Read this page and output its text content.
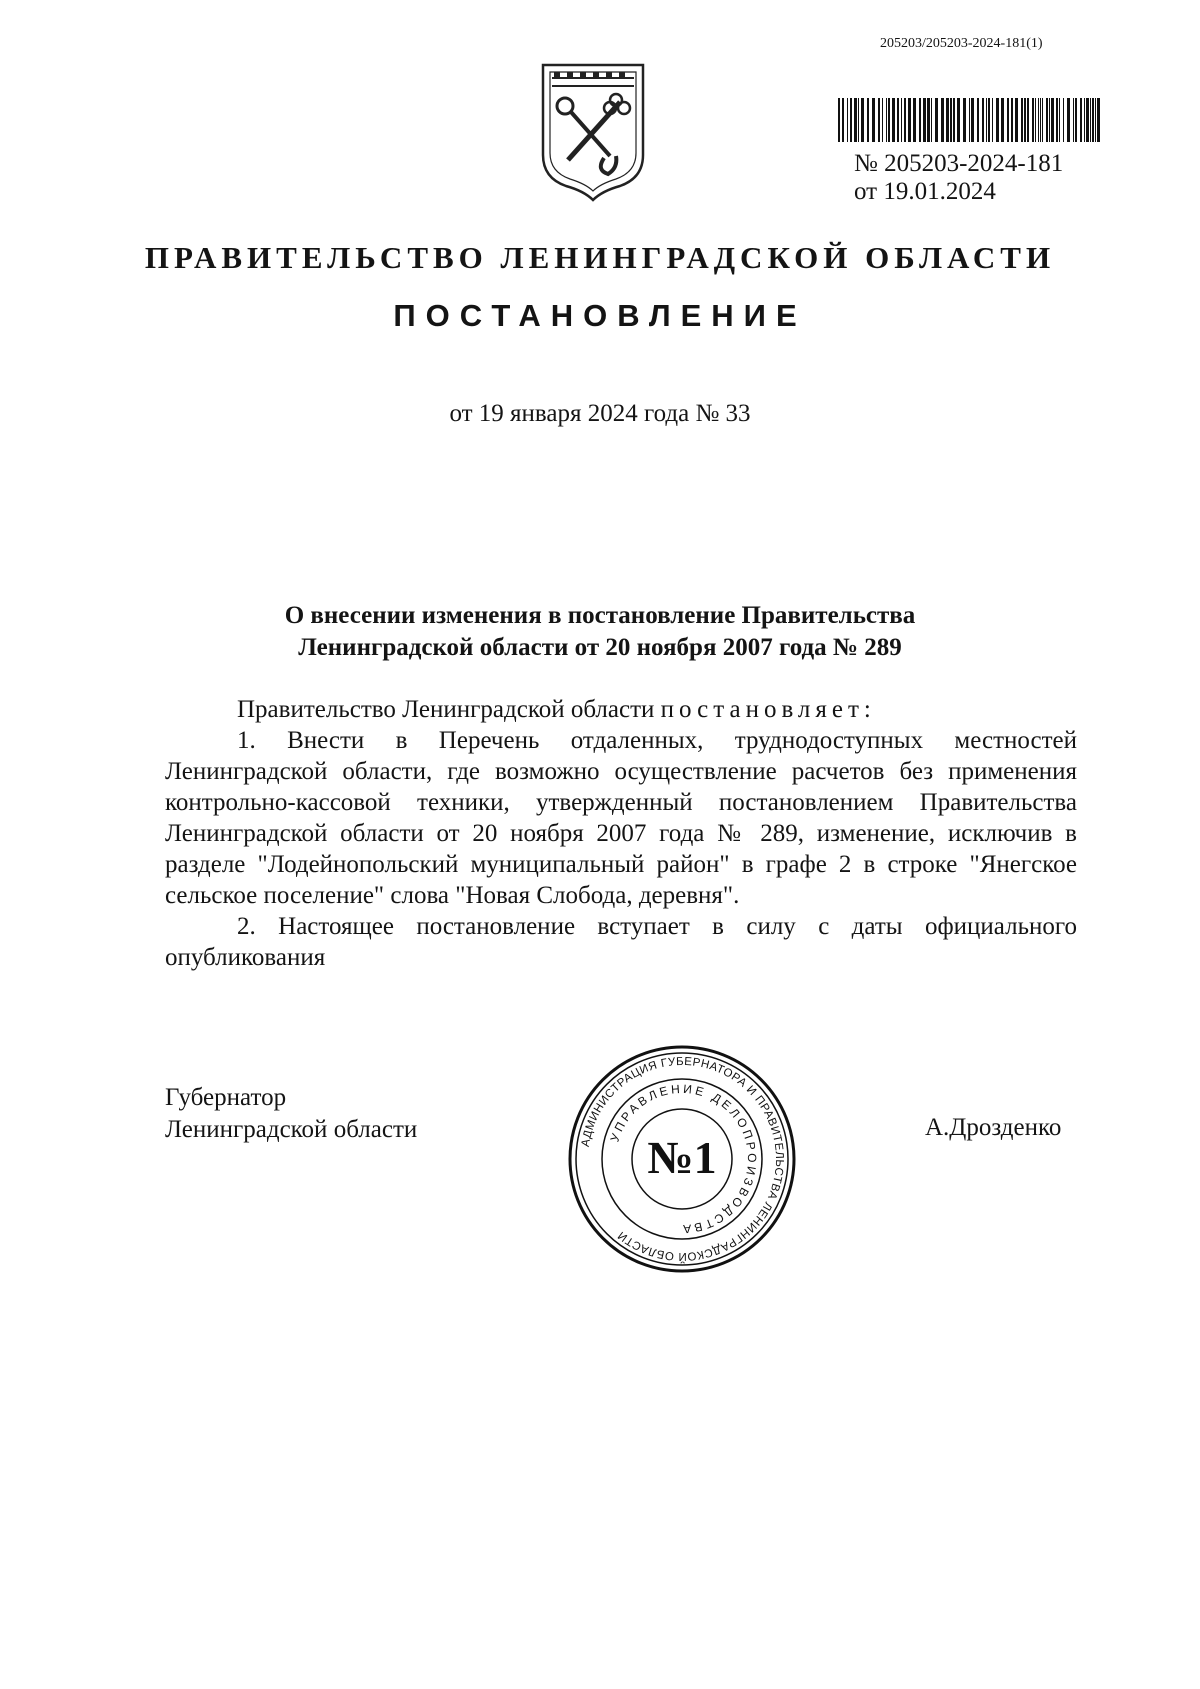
205203/205203-2024-181(1)
№ 205203-2024-181
от 19.01.2024
ПРАВИТЕЛЬСТВО ЛЕНИНГРАДСКОЙ ОБЛАСТИ
ПОСТАНОВЛЕНИЕ
от 19 января 2024 года № 33
О внесении изменения в постановление Правительства
Ленинградской области от 20 ноября 2007 года № 289

Правительство Ленинградской области постановляет:

1. Внести в Перечень отдаленных, труднодоступных местностей Ленинградской области, где возможно осуществление расчетов без применения контрольно-кассовой техники, утвержденный постановлением Правительства Ленинградской области от 20 ноября 2007 года № 289, изменение, исключив в разделе "Лодейнопольский муниципальный район" в графе 2 в строке "Янегское сельское поселение" слова "Новая Слобода, деревня".

2. Настоящее постановление вступает в силу с даты официального опубликования

Губернатор
Ленинградской области	АДМИНИСТРАЦИЯ ГУБЕРНАТОРА И ПРАВИТЕЛЬСТВА ЛЕНИНГРАДСКОЙ ОБЛАСТИ
УПРАВЛЕНИЕ ДЕЛОПРОИЗВОДСТВА
№1
А.Дрозденко
